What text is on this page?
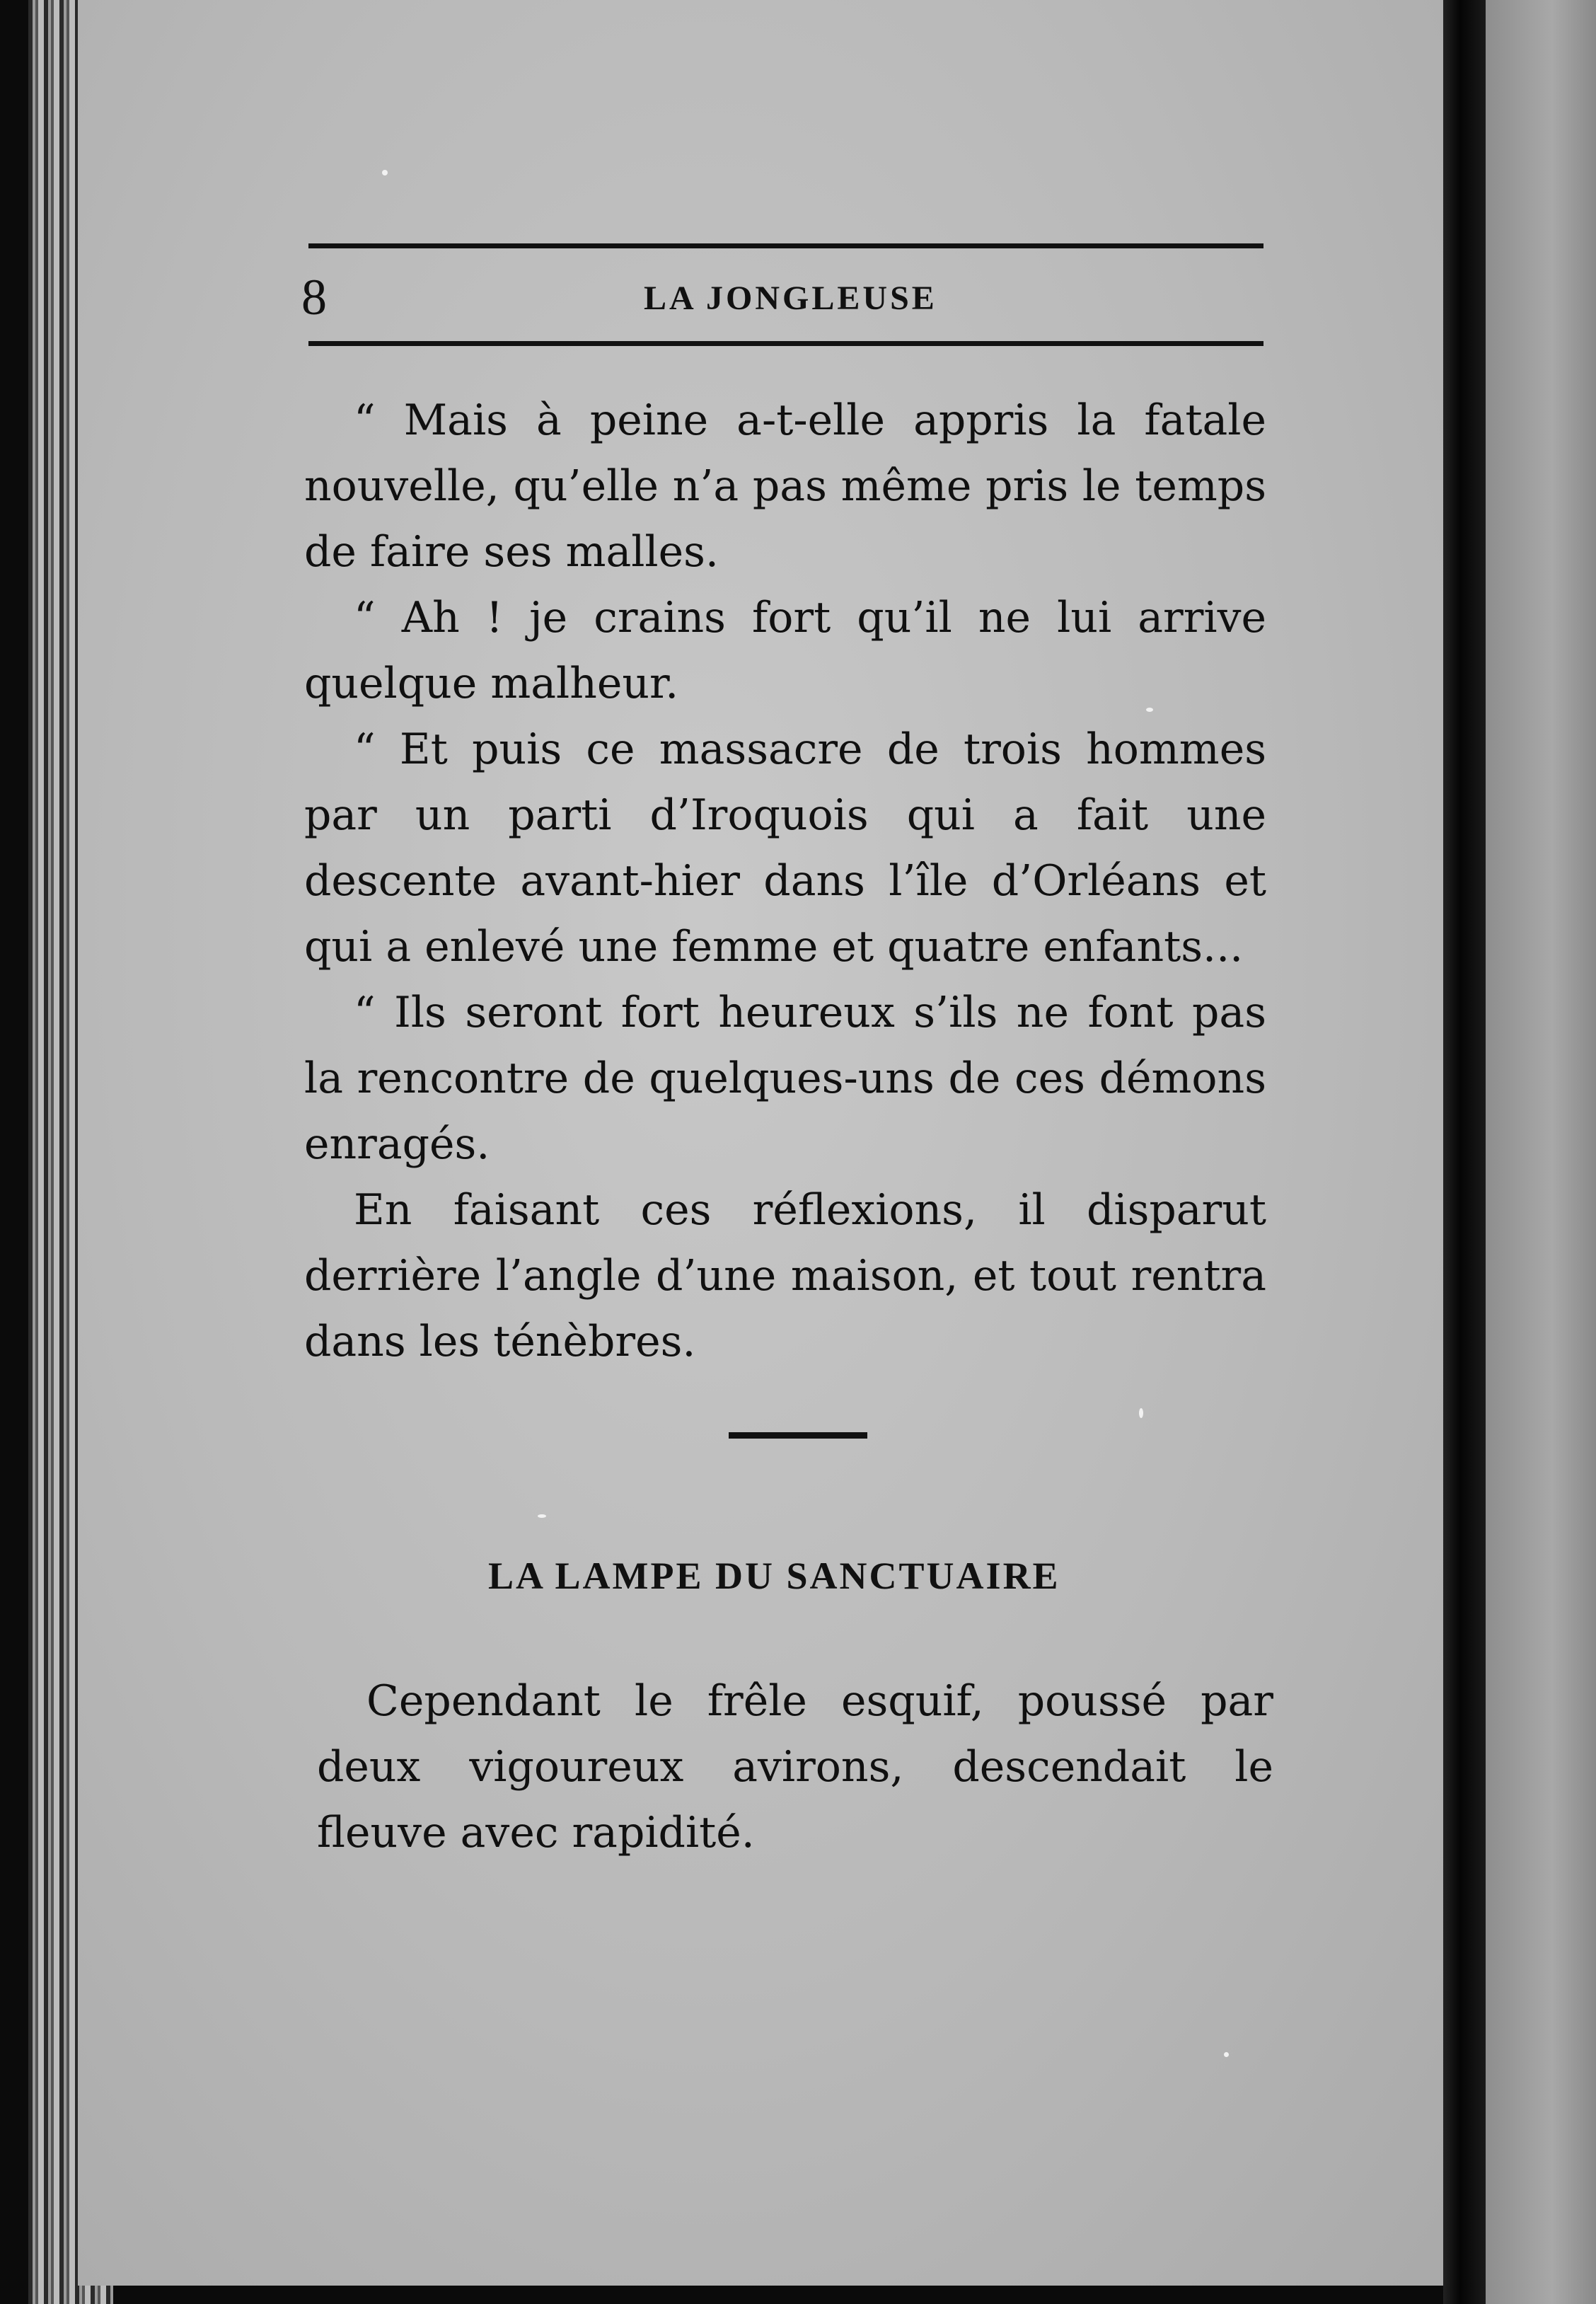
8	LA JONGLEUSE

“ Mais à peine a-t-elle appris la fatale nouvelle, qu’elle n’a pas même pris le temps de faire ses malles.

“ Ah ! je crains fort qu’il ne lui arrive quelque malheur.

“ Et puis ce massacre de trois hommes par un parti d’Iroquois qui a fait une descente avant-hier dans l’île d’Orléans et qui a enlevé une femme et quatre enfants...

“ Ils seront fort heureux s’ils ne font pas la rencontre de quelques-uns de ces démons enragés.

En faisant ces réflexions, il disparut derrière l’angle d’une maison, et tout rentra dans les ténèbres.

LA LAMPE DU SANCTUAIRE

Cependant le frêle esquif, poussé par deux vigoureux avirons, descendait le fleuve avec rapidité.
